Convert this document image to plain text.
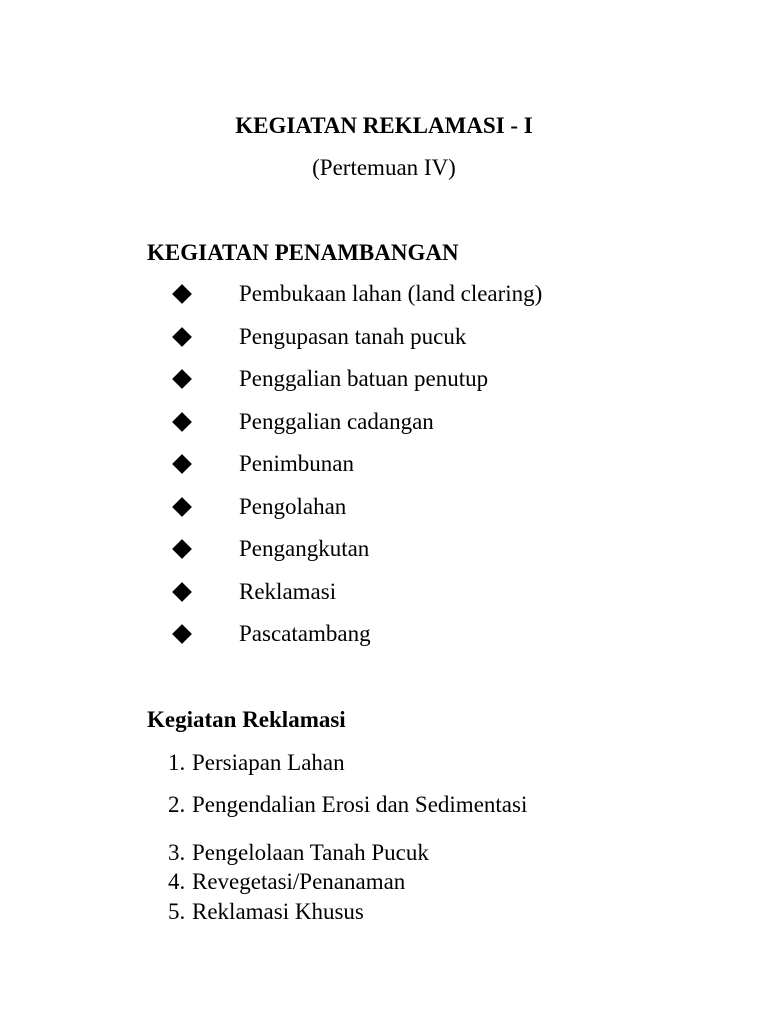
KEGIATAN REKLAMASI - I
(Pertemuan IV)
KEGIATAN PENAMBANGAN
Pembukaan lahan (land clearing)
Pengupasan tanah pucuk
Penggalian batuan penutup
Penggalian cadangan
Penimbunan
Pengolahan
Pengangkutan
Reklamasi
Pascatambang
Kegiatan Reklamasi
1. Persiapan Lahan
2. Pengendalian Erosi dan Sedimentasi
3. Pengelolaan Tanah Pucuk
4. Revegetasi/Penanaman
5. Reklamasi Khusus
